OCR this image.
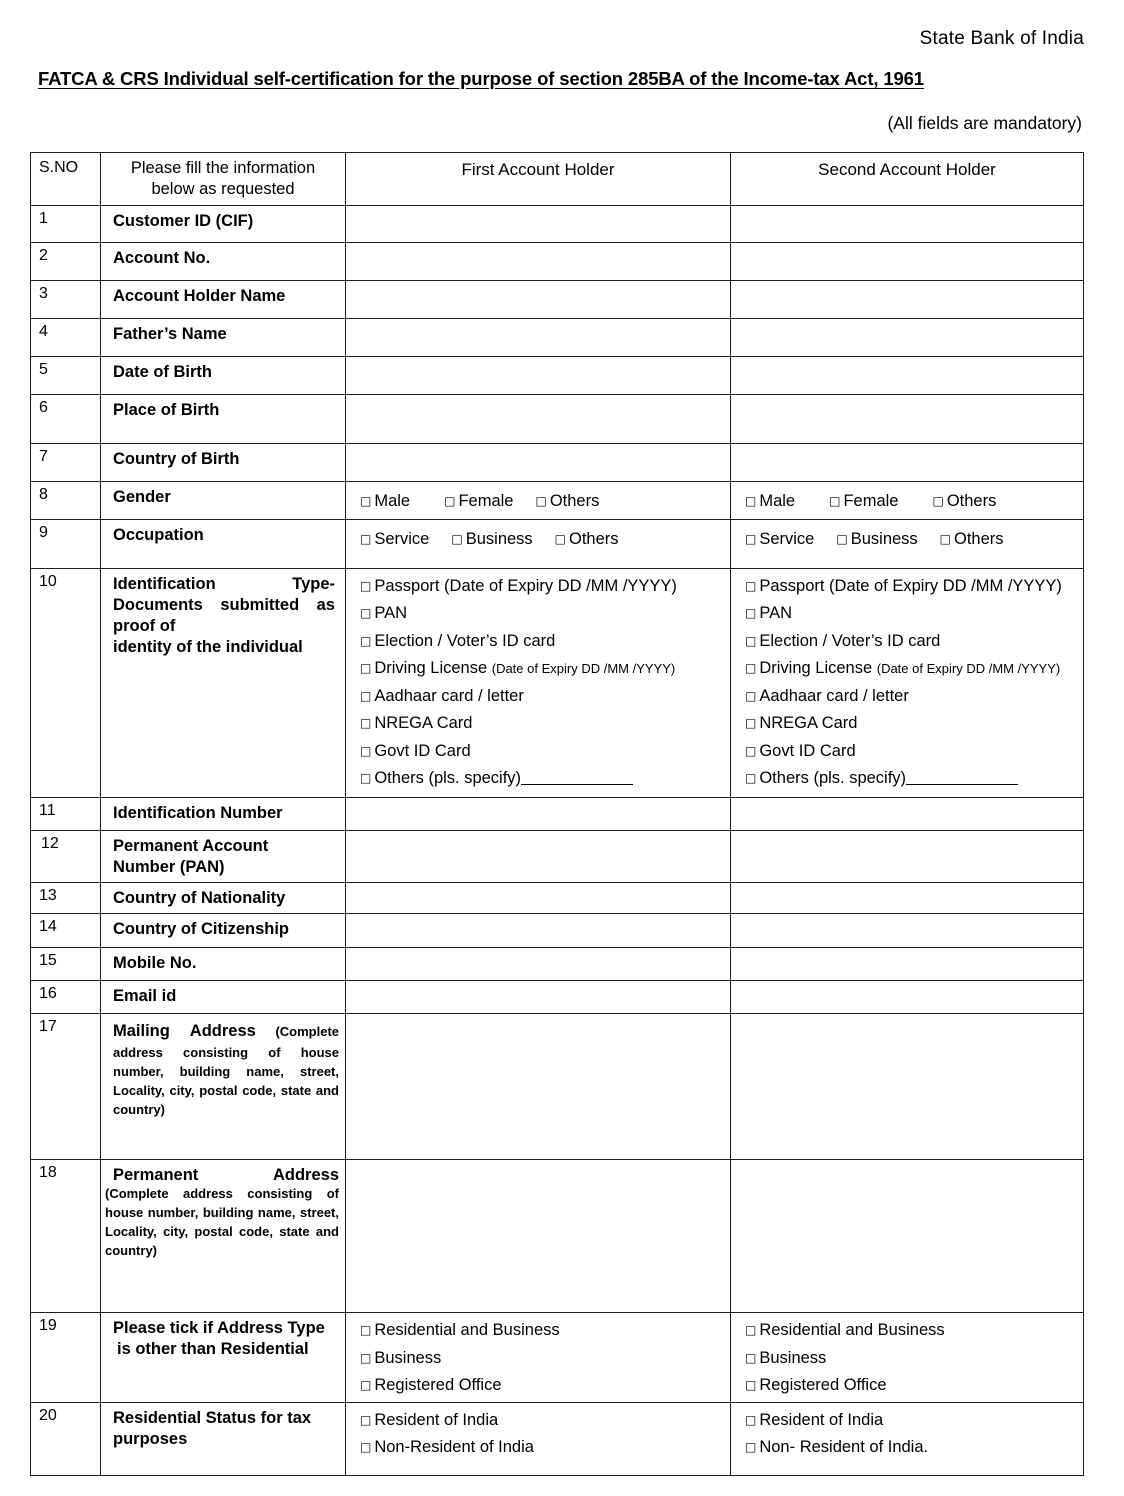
State Bank of India
FATCA & CRS Individual self-certification for the purpose of section 285BA of the Income-tax Act, 1961
(All fields are mandatory)
S.NO	Please fill the information
below as requested	First Account Holder	Second Account Holder

1	Customer ID (CIF)		

2	Account No.		

3	Account Holder Name		

4	Father’s Name		

5	Date of Birth		

6	Place of Birth		

7	Country of Birth		

8	Gender	□ Male □ Female □ Others	□ Male □ Female □ Others

9	Occupation	□ Service □ Business □ Others	□ Service □ Business □ Others

10	Identification	Type-
Documents submitted as
proof of
identity of the individual

□ Passport (Date of Expiry DD /MM /YYYY)
□ PAN
□ Election / Voter’s ID card
□ Driving License (Date of Expiry DD /MM /YYYY)
□ Aadhaar card / letter
□ NREGA Card
□ Govt ID Card
□ Others (pls. specify)

□ Passport (Date of Expiry DD /MM /YYYY)
□ PAN
□ Election / Voter’s ID card
□ Driving License (Date of Expiry DD /MM /YYYY)
□ Aadhaar card / letter
□ NREGA Card
□ Govt ID Card
□ Others (pls. specify)

11	Identification Number		

12	Permanent Account
Number (PAN)		

13	Country of Nationality		

14	Country of Citizenship		

15	Mobile No.		

16	Email id		

17	Mailing Address (Complete address consisting of house number, building name, street, Locality, city, postal code, state and country)		

18	Permanent Address
(Complete address consisting of house number, building name, street, Locality, city, postal code, state and country)		

19	Please tick if Address Type
is other than Residential

□ Residential and Business
□ Business
□ Registered Office

□ Residential and Business
□ Business
□ Registered Office

20	Residential Status for tax
purposes

□ Resident of India
□ Non-Resident of India

□ Resident of India
□ Non- Resident of India.
